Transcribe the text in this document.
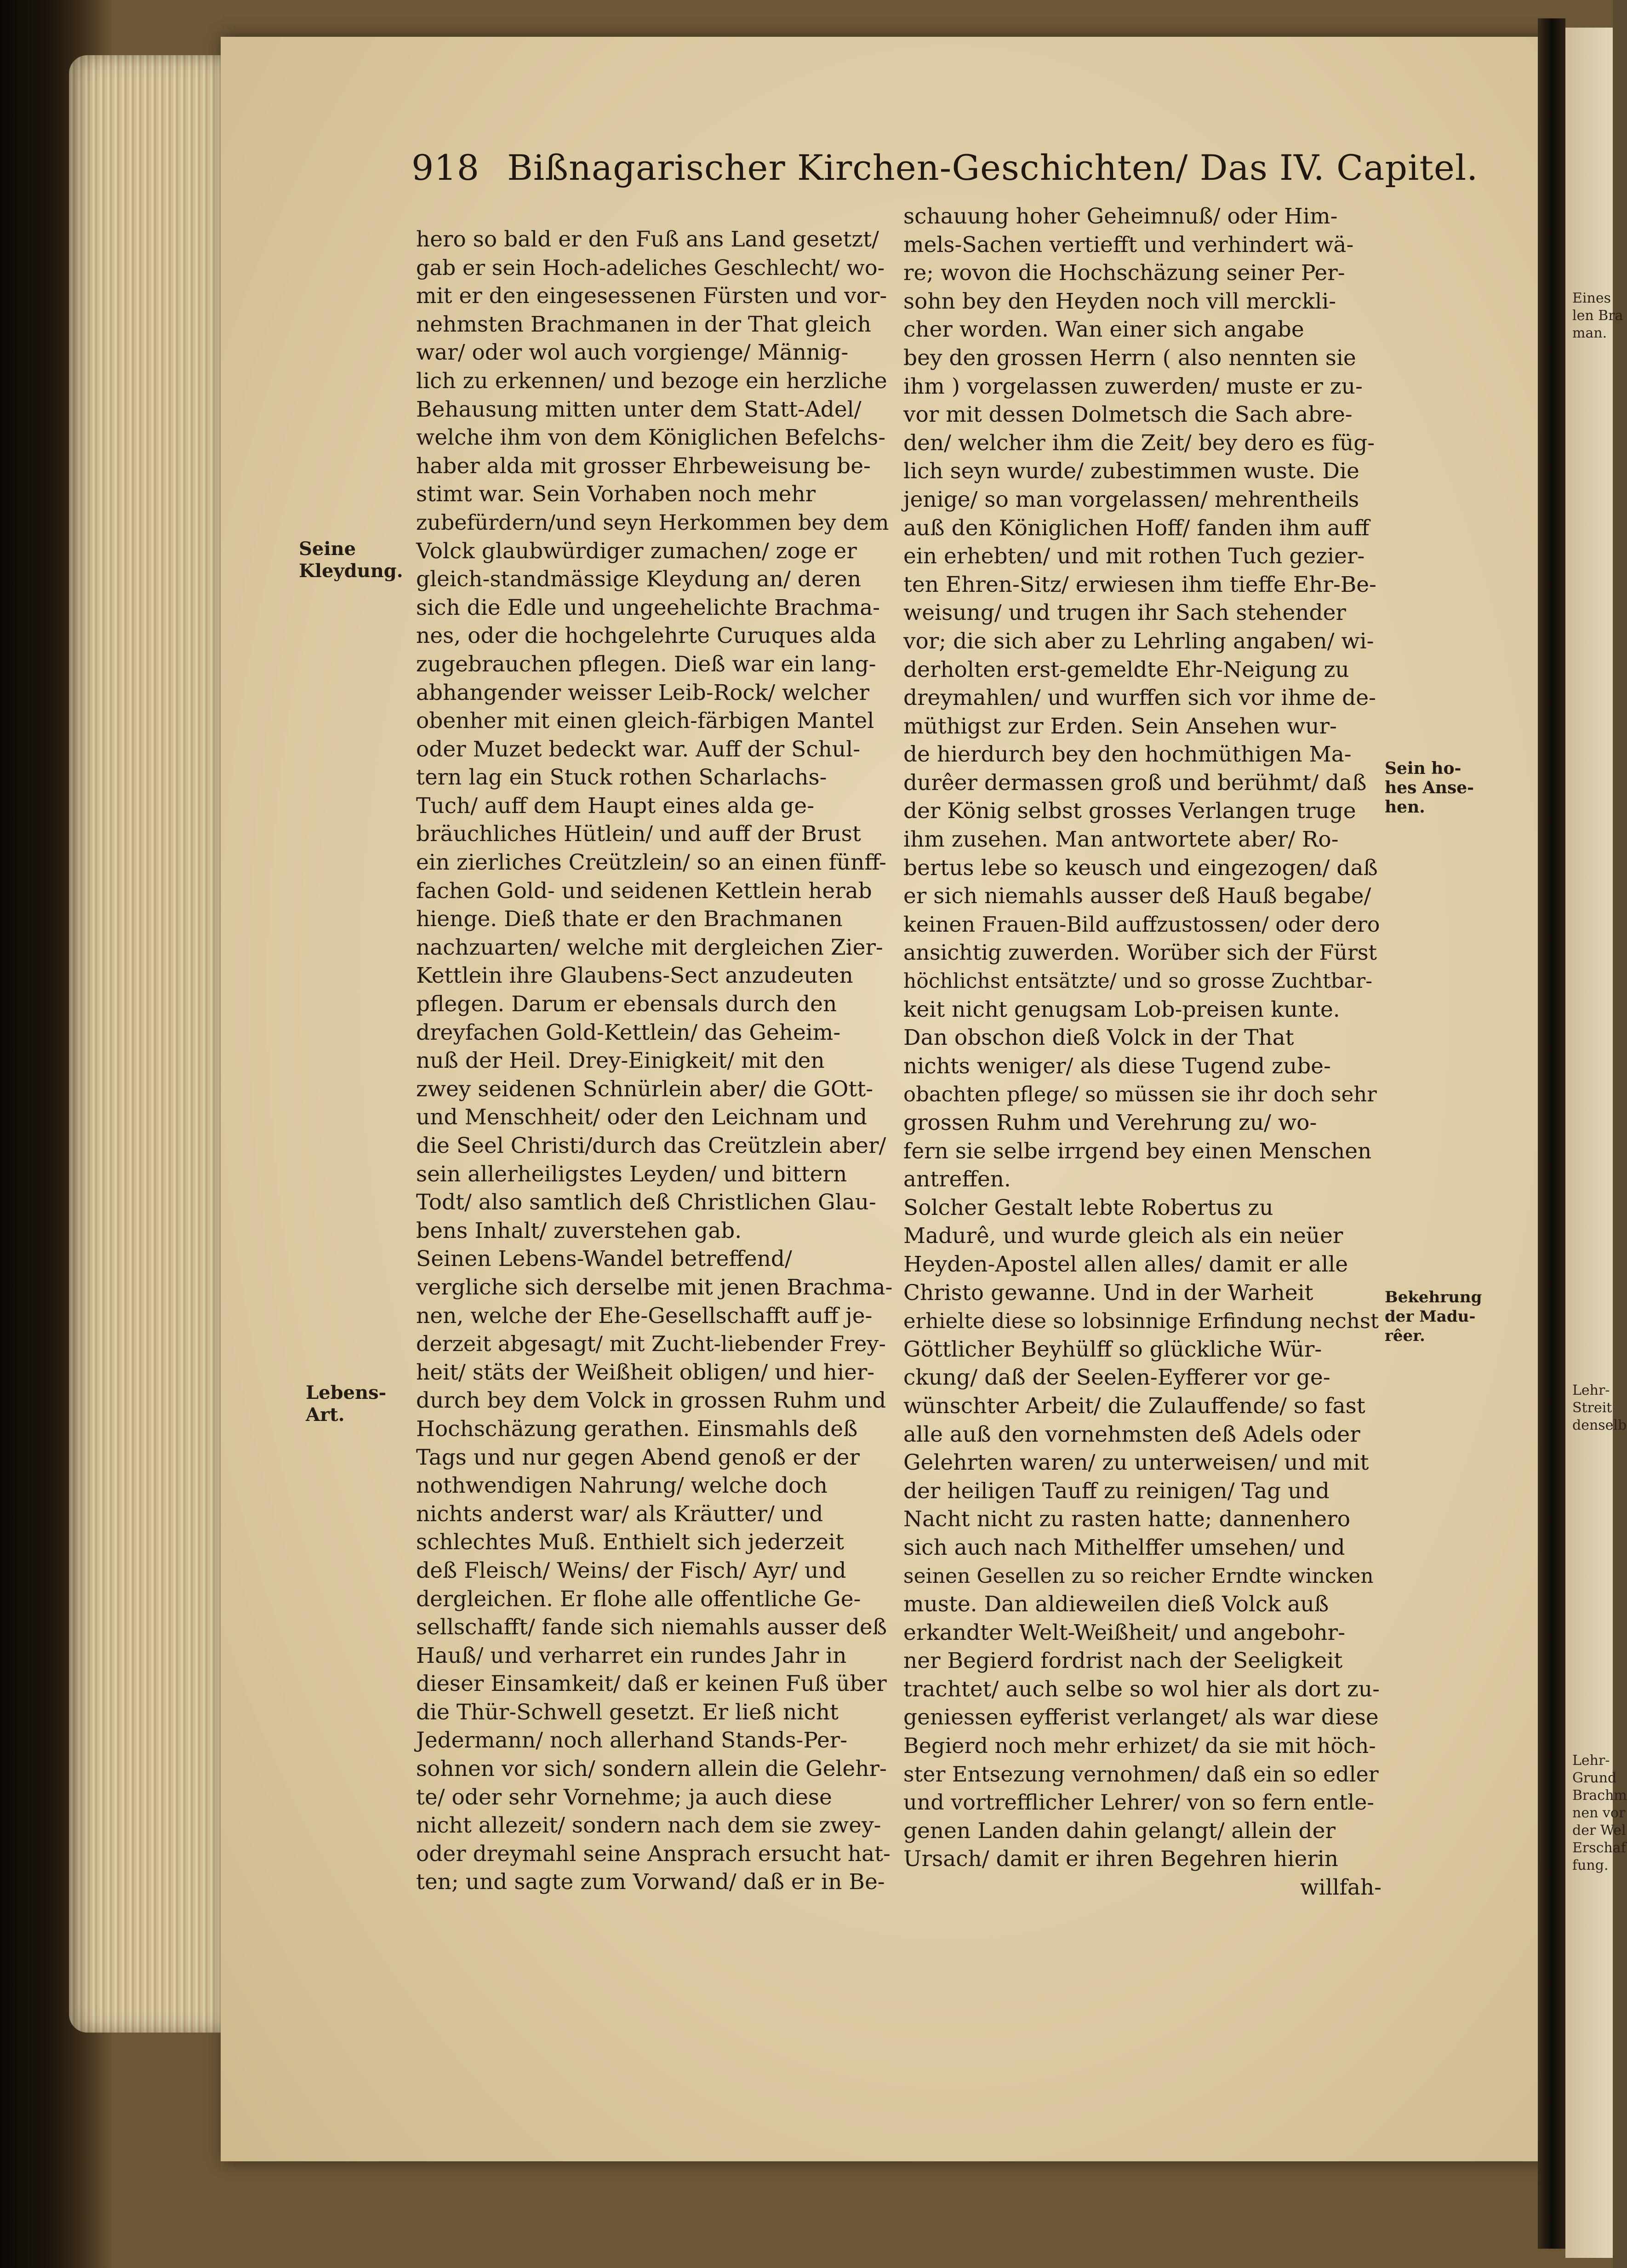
918 Bißnagarischer Kirchen-Geschichten/ Das IV. Capitel.
hero so bald er den Fuß ans Land gesetzt/
gab er sein Hoch-adeliches Geschlecht/ wo-
mit er den eingesessenen Fürsten und vor-
nehmsten Brachmanen in der That gleich
war/ oder wol auch vorgienge/ Männig-
lich zu erkennen/ und bezoge ein herzliche
Behausung mitten unter dem Statt-Adel/
welche ihm von dem Königlichen Befelchs-
haber alda mit grosser Ehrbeweisung be-
stimt war. Sein Vorhaben noch mehr
zubefürdern/und seyn Herkommen bey dem
Volck glaubwürdiger zumachen/ zoge er
gleich-standmässige Kleydung an/ deren
sich die Edle und ungeehelichte Brachma-
nes, oder die hochgelehrte Curuques alda
zugebrauchen pflegen. Dieß war ein lang-
abhangender weisser Leib-Rock/ welcher
obenher mit einen gleich-färbigen Mantel
oder Muzet bedeckt war. Auff der Schul-
tern lag ein Stuck rothen Scharlachs-
Tuch/ auff dem Haupt eines alda ge-
bräuchliches Hütlein/ und auff der Brust
ein zierliches Creützlein/ so an einen fünff-
fachen Gold- und seidenen Kettlein herab
hienge. Dieß thate er den Brachmanen
nachzuarten/ welche mit dergleichen Zier-
Kettlein ihre Glaubens-Sect anzudeuten
pflegen. Darum er ebensals durch den
dreyfachen Gold-Kettlein/ das Geheim-
nuß der Heil. Drey-Einigkeit/ mit den
zwey seidenen Schnürlein aber/ die GOtt-
und Menschheit/ oder den Leichnam und
die Seel Christi/durch das Creützlein aber/
sein allerheiligstes Leyden/ und bittern
Todt/ also samtlich deß Christlichen Glau-
bens Inhalt/ zuverstehen gab.
Seinen Lebens-Wandel betreffend/
vergliche sich derselbe mit jenen Brachma-
nen, welche der Ehe-Gesellschafft auff je-
derzeit abgesagt/ mit Zucht-liebender Frey-
heit/ stäts der Weißheit obligen/ und hier-
durch bey dem Volck in grossen Ruhm und
Hochschäzung gerathen. Einsmahls deß
Tags und nur gegen Abend genoß er der
nothwendigen Nahrung/ welche doch
nichts anderst war/ als Kräutter/ und
schlechtes Muß. Enthielt sich jederzeit
deß Fleisch/ Weins/ der Fisch/ Ayr/ und
dergleichen. Er flohe alle offentliche Ge-
sellschafft/ fande sich niemahls ausser deß
Hauß/ und verharret ein rundes Jahr in
dieser Einsamkeit/ daß er keinen Fuß über
die Thür-Schwell gesetzt. Er ließ nicht
Jedermann/ noch allerhand Stands-Per-
sohnen vor sich/ sondern allein die Gelehr-
te/ oder sehr Vornehme; ja auch diese
nicht allezeit/ sondern nach dem sie zwey-
oder dreymahl seine Ansprach ersucht hat-
ten; und sagte zum Vorwand/ daß er in Be-
schauung hoher Geheimnuß/ oder Him-
mels-Sachen vertiefft und verhindert wä-
re; wovon die Hochschäzung seiner Per-
sohn bey den Heyden noch vill merckli-
cher worden. Wan einer sich angabe
bey den grossen Herrn ( also nennten sie
ihm ) vorgelassen zuwerden/ muste er zu-
vor mit dessen Dolmetsch die Sach abre-
den/ welcher ihm die Zeit/ bey dero es füg-
lich seyn wurde/ zubestimmen wuste. Die
jenige/ so man vorgelassen/ mehrentheils
auß den Königlichen Hoff/ fanden ihm auff
ein erhebten/ und mit rothen Tuch gezier-
ten Ehren-Sitz/ erwiesen ihm tieffe Ehr-Be-
weisung/ und trugen ihr Sach stehender
vor; die sich aber zu Lehrling angaben/ wi-
derholten erst-gemeldte Ehr-Neigung zu
dreymahlen/ und wurffen sich vor ihme de-
müthigst zur Erden. Sein Ansehen wur-
de hierdurch bey den hochmüthigen Ma-
durêer dermassen groß und berühmt/ daß
der König selbst grosses Verlangen truge
ihm zusehen. Man antwortete aber/ Ro-
bertus lebe so keusch und eingezogen/ daß
er sich niemahls ausser deß Hauß begabe/
keinen Frauen-Bild auffzustossen/ oder dero
ansichtig zuwerden. Worüber sich der Fürst
höchlichst entsätzte/ und so grosse Zuchtbar-
keit nicht genugsam Lob-preisen kunte.
Dan obschon dieß Volck in der That
nichts weniger/ als diese Tugend zube-
obachten pflege/ so müssen sie ihr doch sehr
grossen Ruhm und Verehrung zu/ wo-
fern sie selbe irrgend bey einen Menschen
antreffen.
Solcher Gestalt lebte Robertus zu
Madurê, und wurde gleich als ein neüer
Heyden-Apostel allen alles/ damit er alle
Christo gewanne. Und in der Warheit
erhielte diese so lobsinnige Erfindung nechst
Göttlicher Beyhülff so glückliche Wür-
ckung/ daß der Seelen-Eyfferer vor ge-
wünschter Arbeit/ die Zulauffende/ so fast
alle auß den vornehmsten deß Adels oder
Gelehrten waren/ zu unterweisen/ und mit
der heiligen Tauff zu reinigen/ Tag und
Nacht nicht zu rasten hatte; dannenhero
sich auch nach Mithelffer umsehen/ und
seinen Gesellen zu so reicher Erndte wincken
muste. Dan aldieweilen dieß Volck auß
erkandter Welt-Weißheit/ und angebohr-
ner Begierd fordrist nach der Seeligkeit
trachtet/ auch selbe so wol hier als dort zu-
geniessen eyfferist verlanget/ als war diese
Begierd noch mehr erhizet/ da sie mit höch-
ster Entsezung vernohmen/ daß ein so edler
und vortrefflicher Lehrer/ von so fern entle-
genen Landen dahin gelangt/ allein der
Ursach/ damit er ihren Begehren hierin
willfah-
Seine
Kleydung.
Lebens-
Art.
Sein ho-
hes Anse-
hen.
Bekehrung
der Madu-
rêer.
Eines
len Bra
man.
Lehr-
Streit
denselb
Lehr-
Grund
Brachm
nen vor
der Wel
Erschaf
fung.
